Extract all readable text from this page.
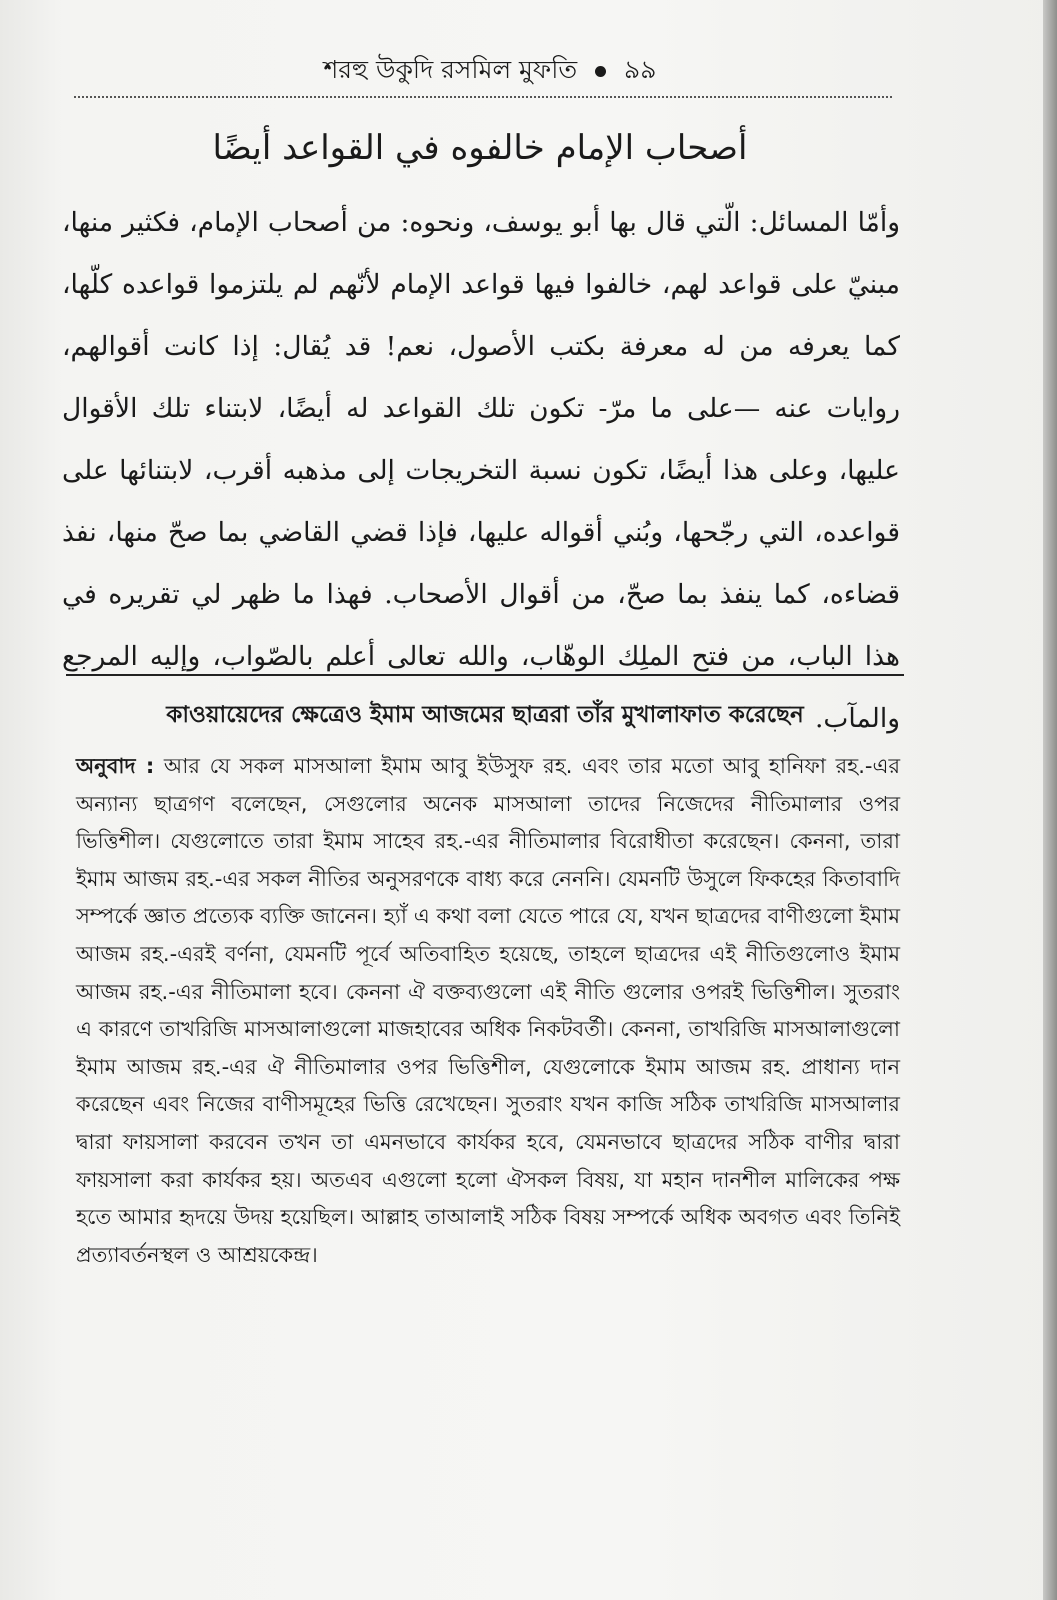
শরহু উকুদি রসমিল মুফতি ৯৯
أصحاب الإمام خالفوه في القواعد أيضًا

وأمّا المسائل: الّتي قال بها أبو يوسف، ونحوه: من أصحاب الإمام، فكثير منها، مبنيّ على قواعد لهم، خالفوا فيها قواعد الإمام لأنّهم لم يلتزموا قواعده كلّها، كما يعرفه من له معرفة بكتب الأصول، نعم! قد يُقال: إذا كانت أقوالهم، روايات عنه —على ما مرّ- تكون تلك القواعد له أيضًا، لابتناء تلك الأقوال عليها، وعلى هذا أيضًا، تكون نسبة التخريجات إلى مذهبه أقرب، لابتنائها على قواعده، التي رجّحها، وبُني أقواله عليها، فإذا قضي القاضي بما صحّ منها، نفذ قضاءه، كما ينفذ بما صحّ، من أقوال الأصحاب. فهذا ما ظهر لي تقريره في هذا الباب، من فتح الملِك الوهّاب، والله تعالى أعلم بالصّواب، وإليه المرجع والمآب.

কাওয়ায়েদের ক্ষেত্রেও ইমাম আজমের ছাত্ররা তাঁর মুখালাফাত করেছেন

অনুবাদ : আর যে সকল মাসআলা ইমাম আবু ইউসুফ রহ. এবং তার মতো আবু হানিফা রহ.-এর অন্যান্য ছাত্রগণ বলেছেন, সেগুলোর অনেক মাসআলা তাদের নিজেদের নীতিমালার ওপর ভিত্তিশীল। যেগুলোতে তারা ইমাম সাহেব রহ.-এর নীতিমালার বিরোধীতা করেছেন। কেননা, তারা ইমাম আজম রহ.-এর সকল নীতির অনুসরণকে বাধ্য করে নেননি। যেমনটি উসুলে ফিকহের কিতাবাদি সম্পর্কে জ্ঞাত প্রত্যেক ব্যক্তি জানেন। হ্যাঁ এ কথা বলা যেতে পারে যে, যখন ছাত্রদের বাণীগুলো ইমাম আজম রহ.-এরই বর্ণনা, যেমনটি পূর্বে অতিবাহিত হয়েছে, তাহলে ছাত্রদের এই নীতিগুলোও ইমাম আজম রহ.-এর নীতিমালা হবে। কেননা ঐ বক্তব্যগুলো এই নীতি গুলোর ওপরই ভিত্তিশীল। সুতরাং এ কারণে তাখরিজি মাসআলাগুলো মাজহাবের অধিক নিকটবর্তী। কেননা, তাখরিজি মাসআলাগুলো ইমাম আজম রহ.-এর ঐ নীতিমালার ওপর ভিত্তিশীল, যেগুলোকে ইমাম আজম রহ. প্রাধান্য দান করেছেন এবং নিজের বাণীসমূহের ভিত্তি রেখেছেন। সুতরাং যখন কাজি সঠিক তাখরিজি মাসআলার দ্বারা ফায়সালা করবেন তখন তা এমনভাবে কার্যকর হবে, যেমনভাবে ছাত্রদের সঠিক বাণীর দ্বারা ফায়সালা করা কার্যকর হয়। অতএব এগুলো হলো ঐসকল বিষয়, যা মহান দানশীল মালিকের পক্ষ হতে আমার হৃদয়ে উদয় হয়েছিল। আল্লাহ তাআলাই সঠিক বিষয় সম্পর্কে অধিক অবগত এবং তিনিই প্রত্যাবর্তনস্থল ও আশ্রয়কেন্দ্র।
